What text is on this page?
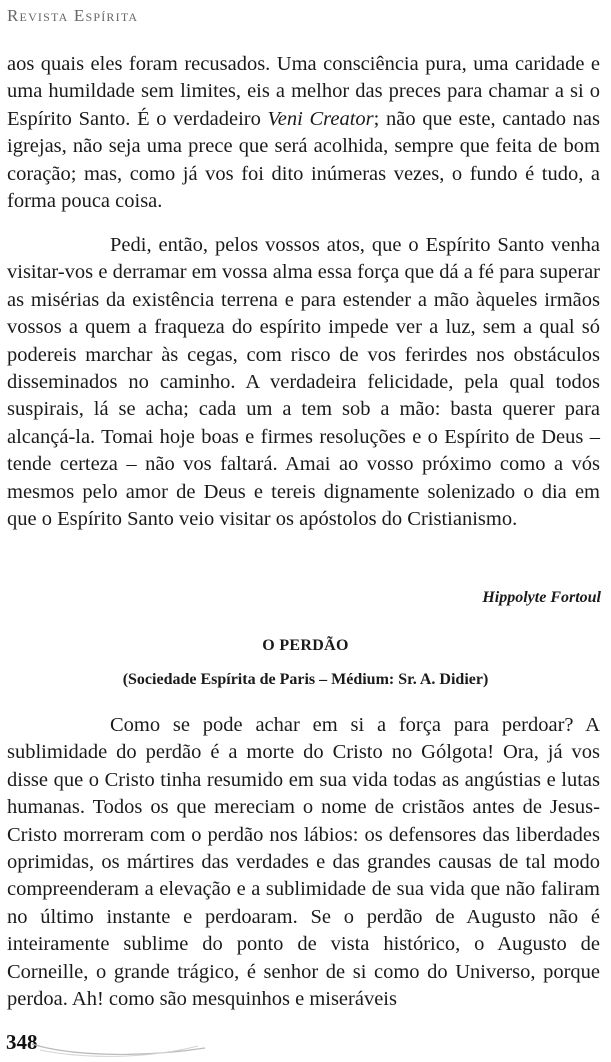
Revista Espírita

aos quais eles foram recusados. Uma consciência pura, uma caridade e uma humildade sem limites, eis a melhor das preces para chamar a si o Espírito Santo. É o verdadeiro Veni Creator; não que este, cantado nas igrejas, não seja uma prece que será acolhida, sempre que feita de bom coração; mas, como já vos foi dito inúmeras vezes, o fundo é tudo, a forma pouca coisa.

Pedi, então, pelos vossos atos, que o Espírito Santo venha visitar-vos e derramar em vossa alma essa força que dá a fé para superar as misérias da existência terrena e para estender a mão àqueles irmãos vossos a quem a fraqueza do espírito impede ver a luz, sem a qual só podereis marchar às cegas, com risco de vos ferirdes nos obstáculos disseminados no caminho. A verdadeira felicidade, pela qual todos suspirais, lá se acha; cada um a tem sob a mão: basta querer para alcançá-la. Tomai hoje boas e firmes resoluções e o Espírito de Deus – tende certeza – não vos faltará. Amai ao vosso próximo como a vós mesmos pelo amor de Deus e tereis dignamente solenizado o dia em que o Espírito Santo veio visitar os apóstolos do Cristianismo.

Hippolyte Fortoul
O PERDÃO
(Sociedade Espírita de Paris – Médium: Sr. A. Didier)

Como se pode achar em si a força para perdoar? A sublimidade do perdão é a morte do Cristo no Gólgota! Ora, já vos disse que o Cristo tinha resumido em sua vida todas as angústias e lutas humanas. Todos os que mereciam o nome de cristãos antes de Jesus-Cristo morreram com o perdão nos lábios: os defensores das liberdades oprimidas, os mártires das verdades e das grandes causas de tal modo compreenderam a elevação e a sublimidade de sua vida que não faliram no último instante e perdoaram. Se o perdão de Augusto não é inteiramente sublime do ponto de vista histórico, o Augusto de Corneille, o grande trágico, é senhor de si como do Universo, porque perdoa. Ah! como são mesquinhos e miseráveis

348
